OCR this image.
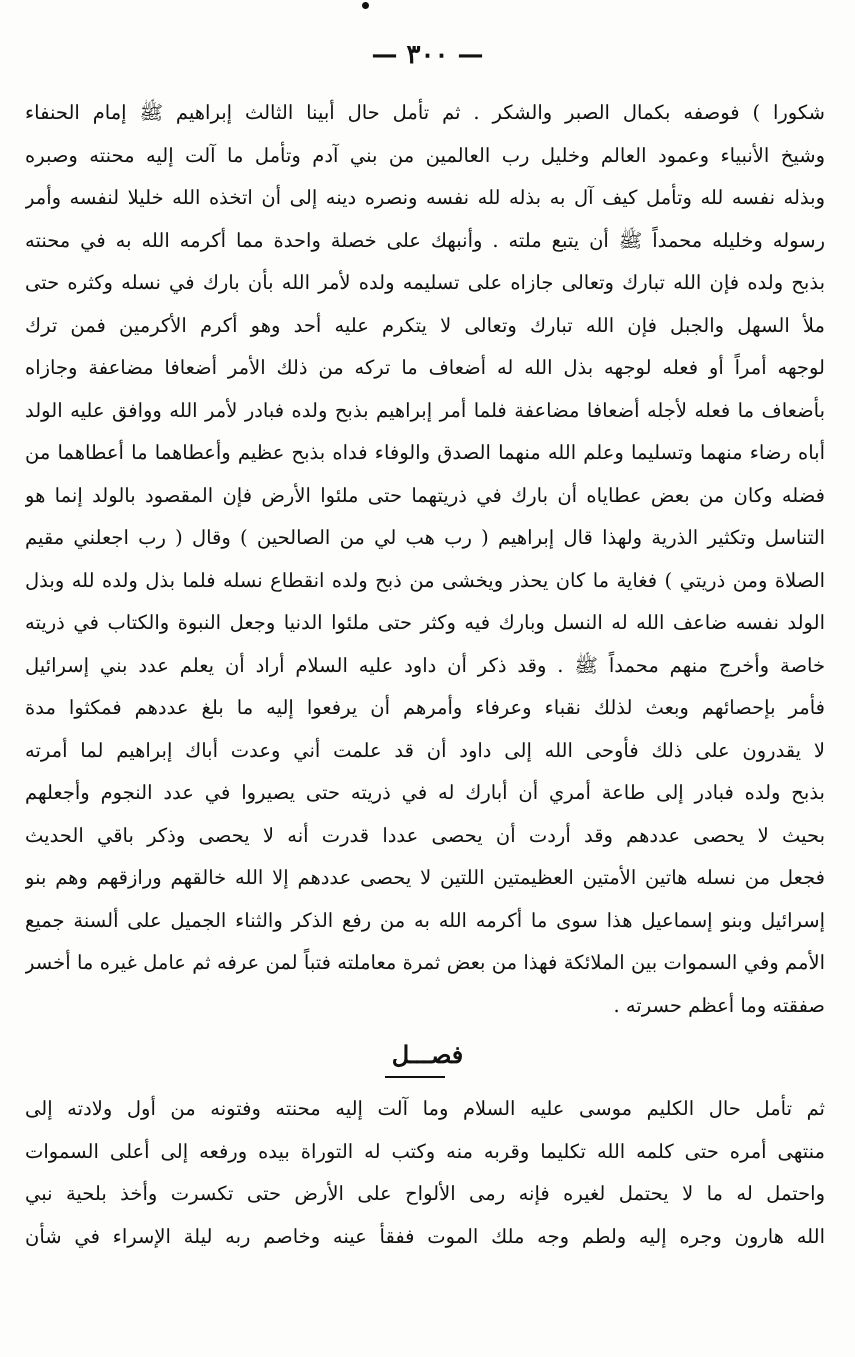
— ٣٠٠ —
شكورا ) فوصفه بكمال الصبر والشكر . ثم تأمل حال أبينا الثالث إبراهيم ﷺ إمام الحنفاء
وشيخ الأنبياء وعمود العالم وخليل رب العالمين من بني آدم وتأمل ما آلت إليه محنته وصبره
وبذله نفسه لله وتأمل كيف آل به بذله لله نفسه ونصره دينه إلى أن اتخذه الله خليلا لنفسه وأمر
رسوله وخليله محمداً ﷺ أن يتبع ملته . وأنبهك على خصلة واحدة مما أكرمه الله به في محنته
بذبح ولده فإن الله تبارك وتعالى جازاه على تسليمه ولده لأمر الله بأن بارك في نسله وكثره حتى
ملأ السهل والجبل فإن الله تبارك وتعالى لا يتكرم عليه أحد وهو أكرم الأكرمين فمن ترك
لوجهه أمراً أو فعله لوجهه بذل الله له أضعاف ما تركه من ذلك الأمر أضعافا مضاعفة وجازاه
بأضعاف ما فعله لأجله أضعافا مضاعفة فلما أمر إبراهيم بذبح ولده فبادر لأمر الله ووافق عليه الولد
أباه رضاء منهما وتسليما وعلم الله منهما الصدق والوفاء فداه بذبح عظيم وأعطاهما ما أعطاهما من
فضله وكان من بعض عطاياه أن بارك في ذريتهما حتى ملئوا الأرض فإن المقصود بالولد إنما هو
التناسل وتكثير الذرية ولهذا قال إبراهيم ( رب هب لي من الصالحين ) وقال ( رب اجعلني مقيم
الصلاة ومن ذريتي ) فغاية ما كان يحذر ويخشى من ذبح ولده انقطاع نسله فلما بذل ولده لله وبذل
الولد نفسه ضاعف الله له النسل وبارك فيه وكثر حتى ملئوا الدنيا وجعل النبوة والكتاب في ذريته
خاصة وأخرج منهم محمداً ﷺ . وقد ذكر أن داود عليه السلام أراد أن يعلم عدد بني إسرائيل
فأمر بإحصائهم وبعث لذلك نقباء وعرفاء وأمرهم أن يرفعوا إليه ما بلغ عددهم فمكثوا مدة
لا يقدرون على ذلك فأوحى الله إلى داود أن قد علمت أني وعدت أباك إبراهيم لما أمرته
بذبح ولده فبادر إلى طاعة أمري أن أبارك له في ذريته حتى يصيروا في عدد النجوم وأجعلهم
بحيث لا يحصى عددهم وقد أردت أن يحصى عددا قدرت أنه لا يحصى وذكر باقي الحديث
فجعل من نسله هاتين الأمتين العظيمتين اللتين لا يحصى عددهم إلا الله خالقهم ورازقهم وهم بنو
إسرائيل وبنو إسماعيل هذا سوى ما أكرمه الله به من رفع الذكر والثناء الجميل على ألسنة جميع
الأمم وفي السموات بين الملائكة فهذا من بعض ثمرة معاملته فتباً لمن عرفه ثم عامل غيره ما أخسر
صفقته وما أعظم حسرته .
فصـــل
ثم تأمل حال الكليم موسى عليه السلام وما آلت إليه محنته وفتونه من أول ولادته إلى
منتهى أمره حتى كلمه الله تكليما وقربه منه وكتب له التوراة بيده ورفعه إلى أعلى السموات
واحتمل له ما لا يحتمل لغيره فإنه رمى الألواح على الأرض حتى تكسرت وأخذ بلحية نبي
الله هارون وجره إليه ولطم وجه ملك الموت ففقأ عينه وخاصم ربه ليلة الإسراء في شأن
